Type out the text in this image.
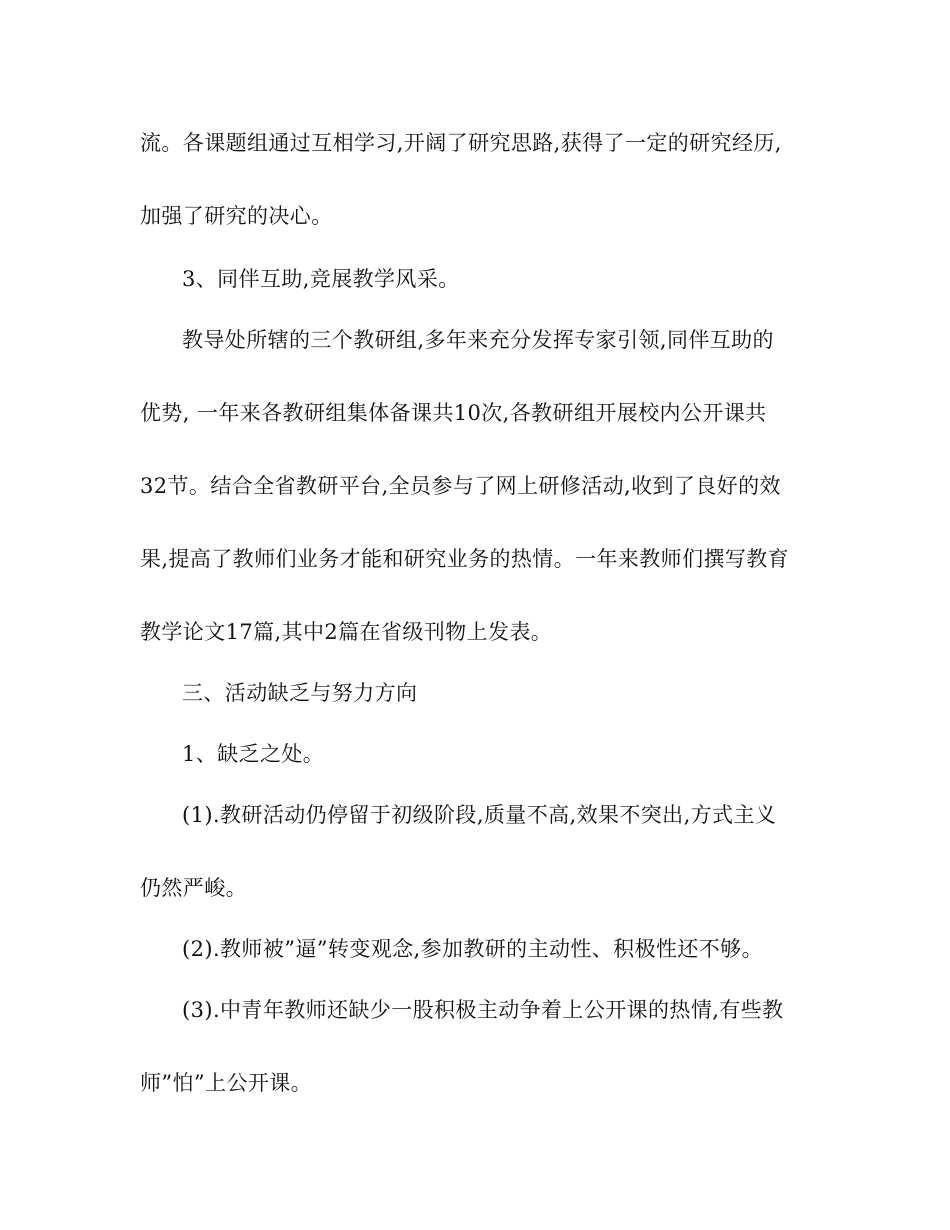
流。各课题组通过互相学习,开阔了研究思路,获得了一定的研究经历,
加强了研究的决心。
3、同伴互助,竞展教学风采。
教导处所辖的三个教研组,多年来充分发挥专家引领,同伴互助的
优势, 一年来各教研组集体备课共10次,各教研组开展校内公开课共
32节。结合全省教研平台,全员参与了网上研修活动,收到了良好的效
果,提高了教师们业务才能和研究业务的热情。一年来教师们撰写教育
教学论文17篇,其中2篇在省级刊物上发表。
三、活动缺乏与努力方向
1、缺乏之处。
(1).教研活动仍停留于初级阶段,质量不高,效果不突出,方式主义
仍然严峻。
(2).教师被”逼”转变观念,参加教研的主动性、积极性还不够。
(3).中青年教师还缺少一股积极主动争着上公开课的热情,有些教
师”怕”上公开课。
